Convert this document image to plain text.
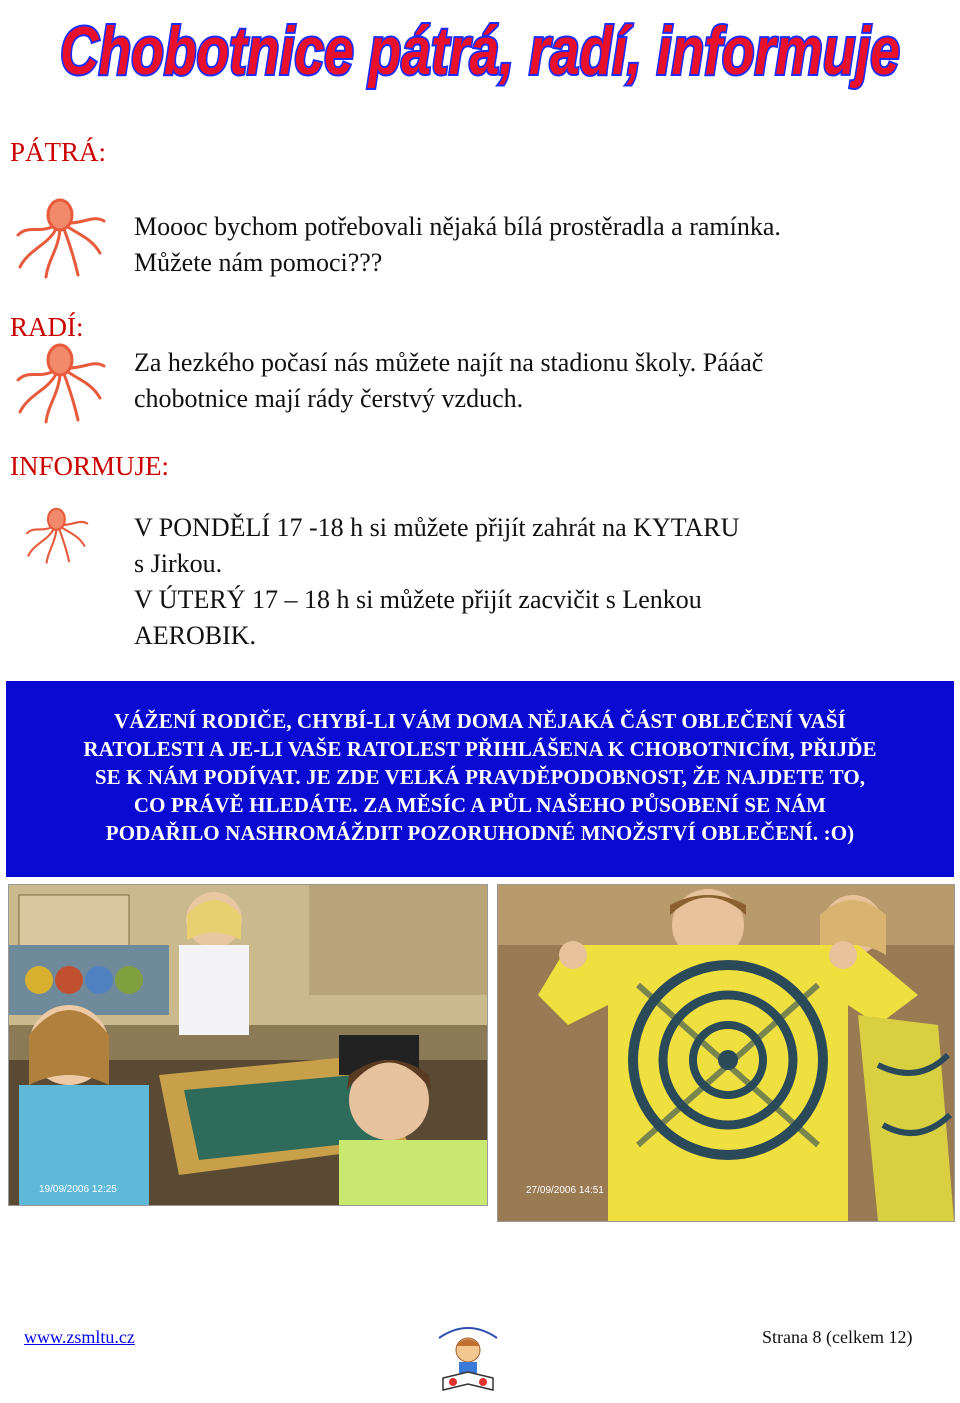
Chobotnice pátrá, radí, informuje
PÁTRÁ:
Moooc bychom potřebovali nějaká bílá prostěradla a ramínka.
Můžete nám pomoci???
RADÍ:
Za hezkého počasí nás můžete najít na stadionu školy. Pááač
chobotnice mají rády čerstvý vzduch.
INFORMUJE:
V PONDĚLÍ 17 -18 h si můžete přijít zahrát na KYTARU
s Jirkou.
V ÚTERÝ 17 – 18 h si můžete přijít zacvičit s Lenkou
AEROBIK.

VÁŽENÍ RODIČE, CHYBÍ-LI VÁM DOMA NĚJAKÁ ČÁST OBLEČENÍ VAŠÍ

RATOLESTI A JE-LI VAŠE RATOLEST PŘIHLÁŠENA K CHOBOTNICÍM, PŘIJĎE

SE K NÁM PODÍVAT. JE ZDE VELKÁ PRAVDĚPODOBNOST, ŽE NAJDETE TO,

CO PRÁVĚ HLEDÁTE. ZA MĚSÍC A PŮL NAŠEHO PŮSOBENÍ SE NÁM

PODAŘILO NASHROMÁŽDIT POZORUHODNÉ MNOŽSTVÍ OBLEČENÍ. :O)

19/09/2006 12:25	27/09/2006 14:51
www.zsmltu.cz	Strana 8 (celkem 12)
